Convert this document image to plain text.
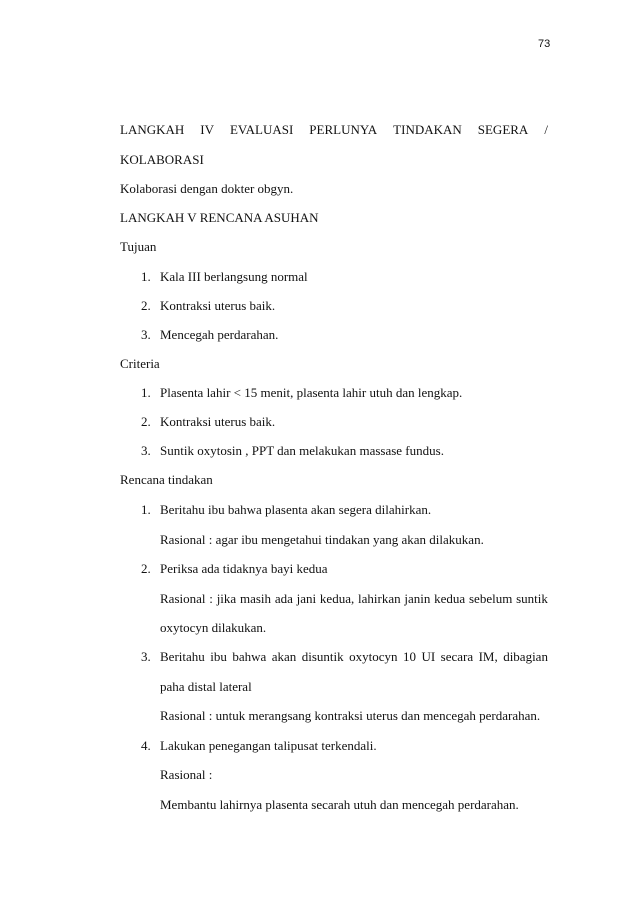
73
LANGKAH IV EVALUASI PERLUNYA TINDAKAN SEGERA /
KOLABORASI
Kolaborasi dengan dokter obgyn.
LANGKAH V RENCANA ASUHAN
Tujuan
1. Kala III berlangsung normal
2. Kontraksi uterus baik.
3. Mencegah perdarahan.
Criteria
1. Plasenta lahir < 15 menit, plasenta lahir utuh dan lengkap.
2. Kontraksi uterus baik.
3. Suntik oxytosin , PPT dan melakukan massase fundus.
Rencana tindakan
1. Beritahu ibu bahwa plasenta akan segera dilahirkan.
Rasional : agar ibu mengetahui tindakan yang akan dilakukan.
2. Periksa ada tidaknya bayi kedua
Rasional : jika masih ada jani kedua, lahirkan janin kedua sebelum suntik
oxytocyn dilakukan.
3. Beritahu ibu bahwa akan disuntik oxytocyn 10 UI secara IM, dibagian
paha distal lateral
Rasional : untuk merangsang kontraksi uterus dan mencegah perdarahan.
4. Lakukan penegangan talipusat terkendali.
Rasional :
Membantu lahirnya plasenta secarah utuh dan mencegah perdarahan.
